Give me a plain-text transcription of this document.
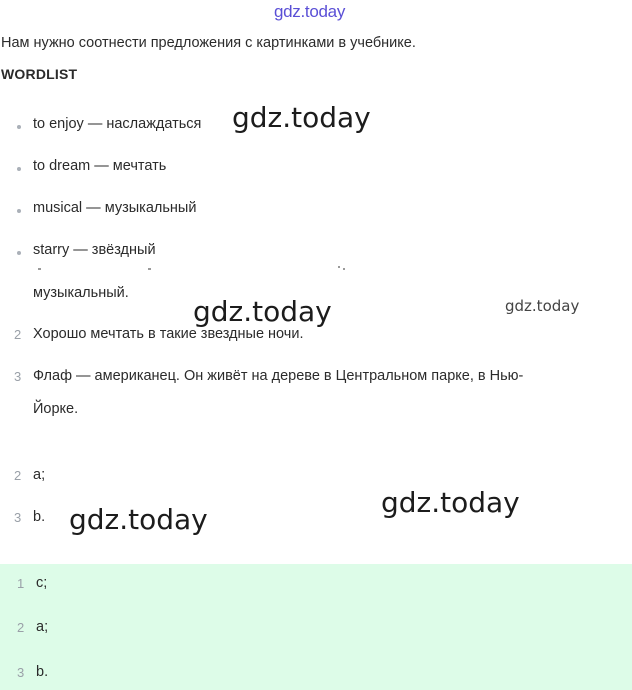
gdz.today
Нам нужно соотнести предложения с картинками в учебнике.
WORDLIST
to enjoy — наслаждаться
to dream — мечтать
musical — музыкальный
starry — звёздный
музыкальный.
2 Хорошо мечтать в такие звездные ночи.
3 Флаф — американец. Он живёт на дереве в Центральном парке, в Нью-
Йорке.
2 a;
3 b.
1 c;
2 a;
3 b.
gdz.today
gdz.today	gdz.today
gdz.today
gdz.today
